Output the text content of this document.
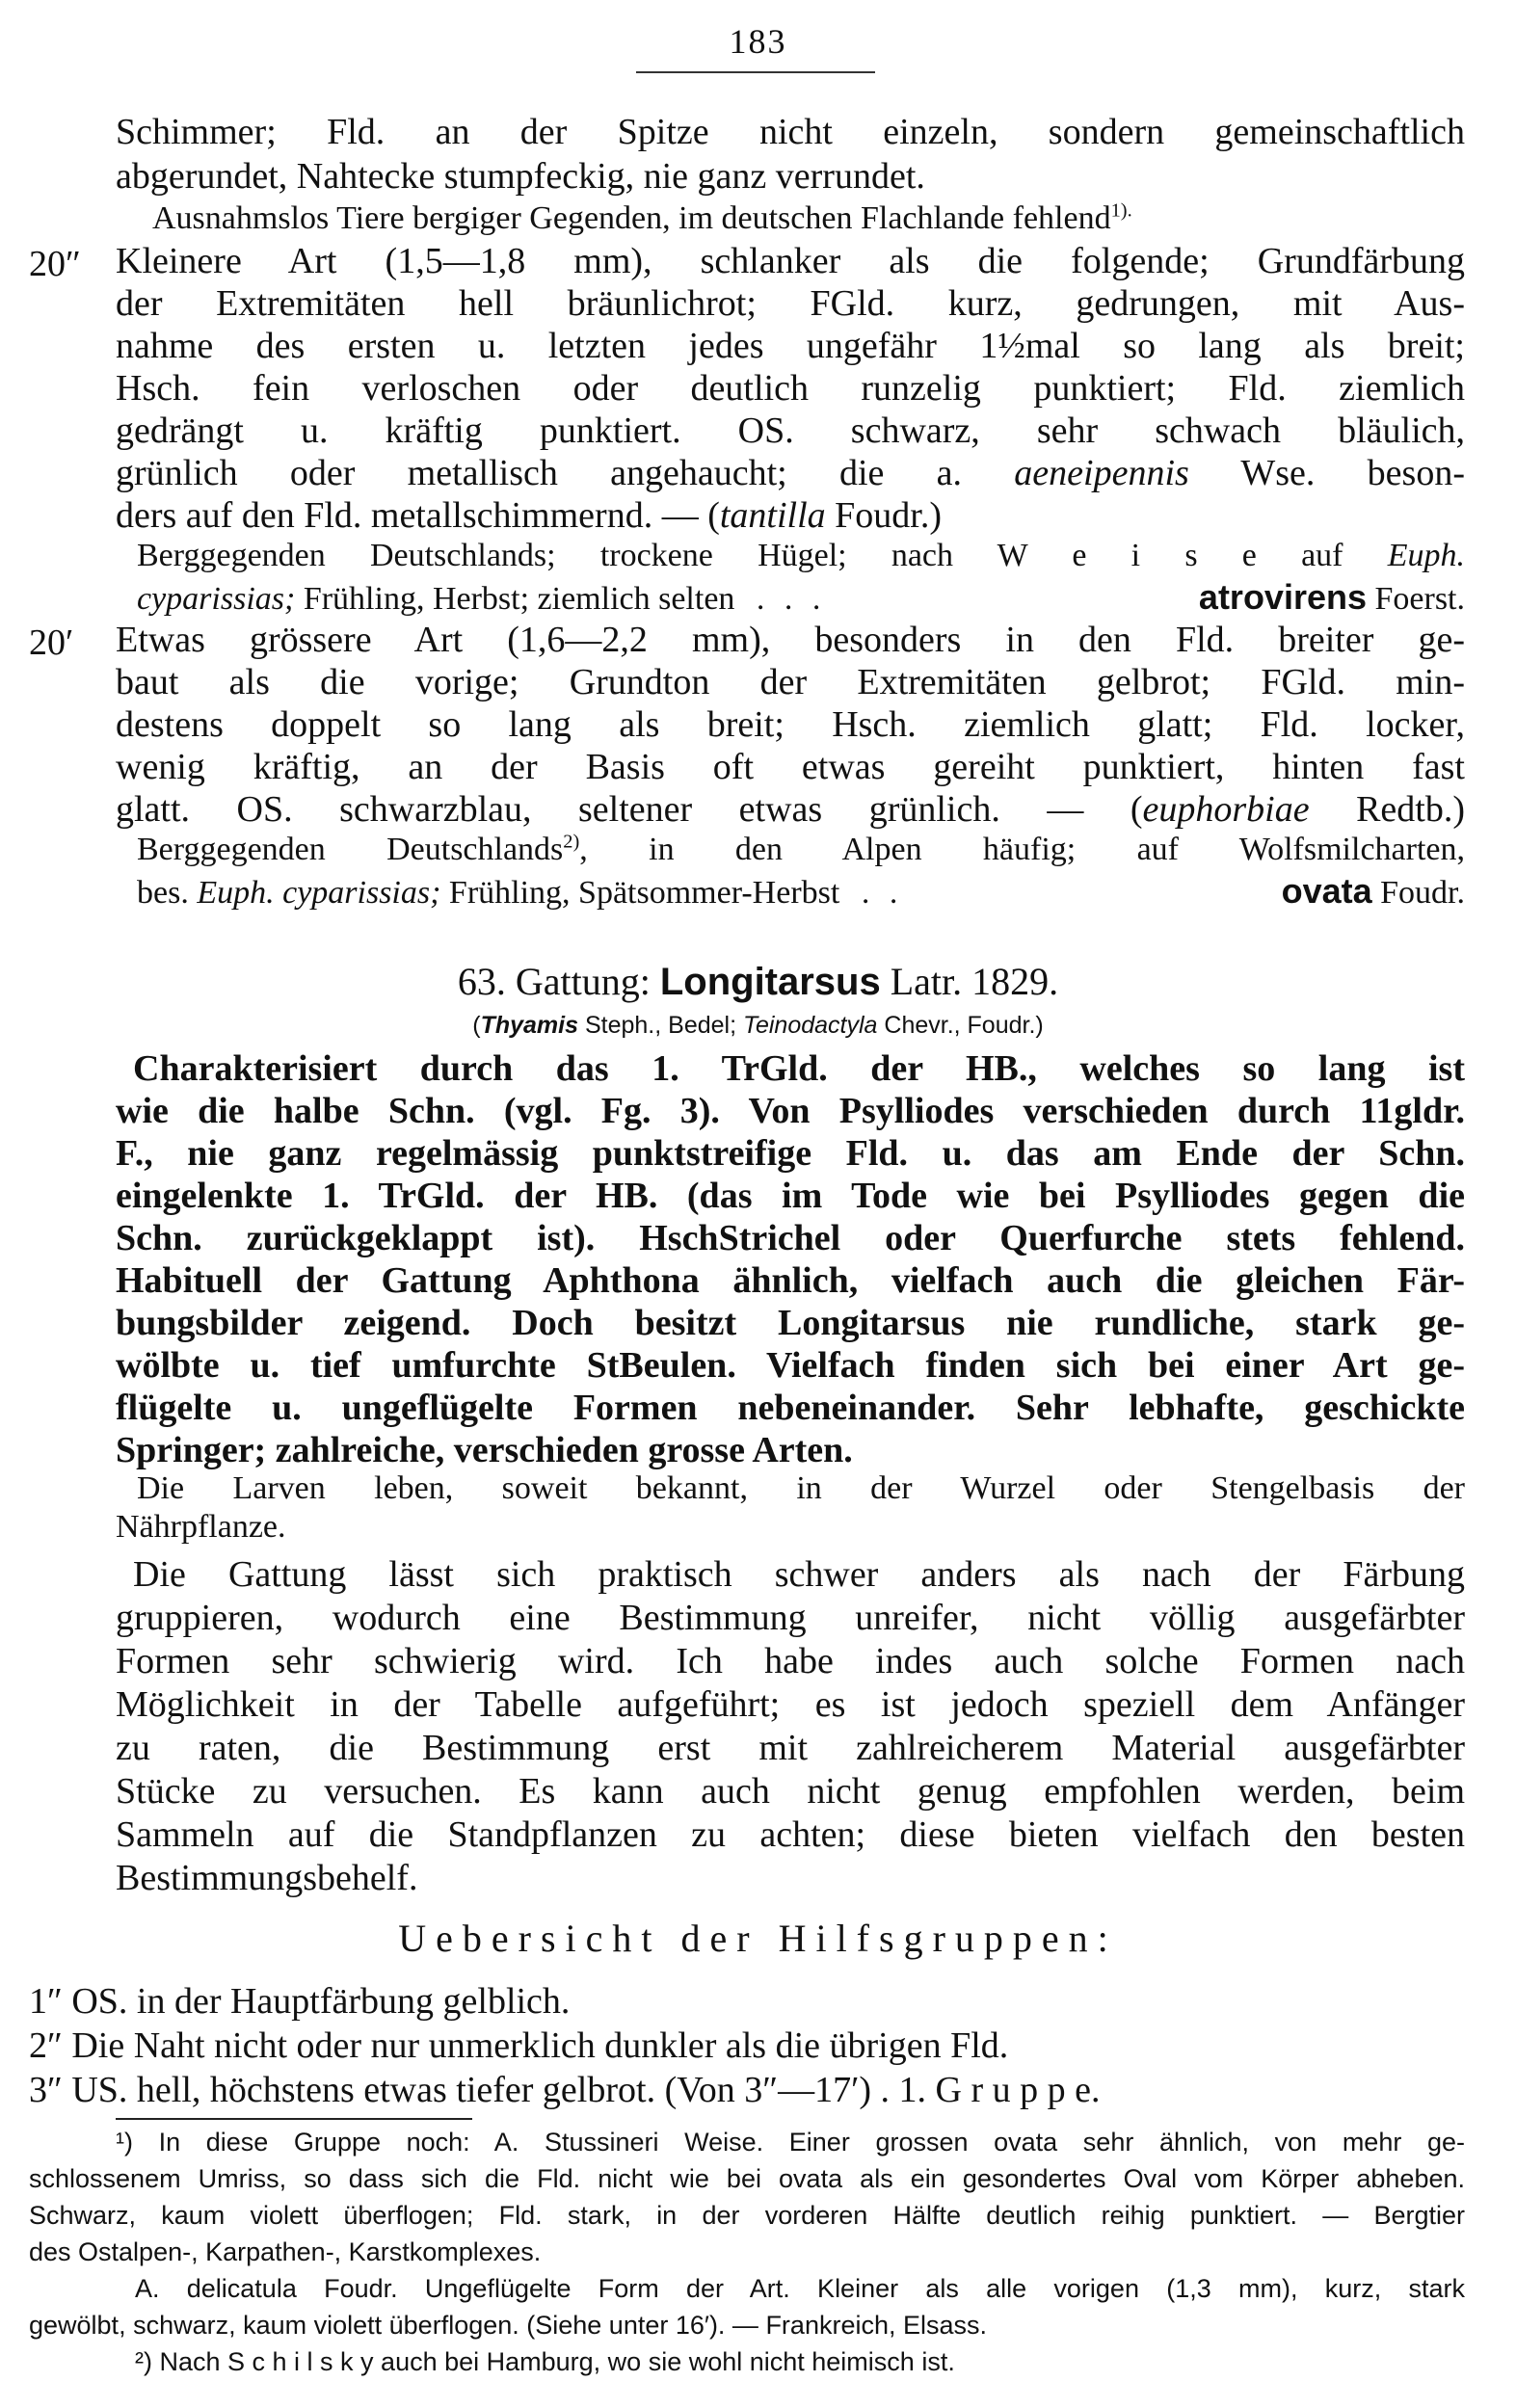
183
Schimmer; Fld. an der Spitze nicht einzeln, sondern gemeinschaftlich
abgerundet, Nahtecke stumpfeckig, nie ganz verrundet.
Ausnahmslos Tiere bergiger Gegenden, im deutschen Flachlande fehlend$^{1).}$
20″ Kleinere Art (1,5—1,8 mm), schlanker als die folgende; Grundfärbung
der Extremitäten hell bräunlichrot; FGld. kurz, gedrungen, mit Aus-
nahme des ersten u. letzten jedes ungefähr 1½mal so lang als breit;
Hsch. fein verloschen oder deutlich runzelig punktiert; Fld. ziemlich
gedrängt u. kräftig punktiert. OS. schwarz, sehr schwach bläulich,
grünlich oder metallisch angehaucht; die a. aeneipennis Wse. beson-
ders auf den Fld. metallschimmernd. — (tantilla Foudr.)
Berggegenden Deutschlands; trockene Hügel; nach W e i s e auf Euph.
cyparissias; Frühling, Herbst; ziemlich selten . . .	atrovirens Foerst.
20′ Etwas grössere Art (1,6—2,2 mm), besonders in den Fld. breiter ge-
baut als die vorige; Grundton der Extremitäten gelbrot; FGld. min-
destens doppelt so lang als breit; Hsch. ziemlich glatt; Fld. locker,
wenig kräftig, an der Basis oft etwas gereiht punktiert, hinten fast
glatt. OS. schwarzblau, seltener etwas grünlich. — (euphorbiae Redtb.)
Berggegenden Deutschlands$^{2)}$, in den Alpen häufig; auf Wolfsmilcharten,
bes. Euph. cyparissias; Frühling, Spätsommer-Herbst . .	ovata Foudr.
63. Gattung: Longitarsus Latr. 1829.
(Thyamis Steph., Bedel; Teinodactyla Chevr., Foudr.)
Charakterisiert durch das 1. TrGld. der HB., welches so lang ist
wie die halbe Schn. (vgl. Fg. 3). Von Psylliodes verschieden durch 11gldr.
F., nie ganz regelmässig punktstreifige Fld. u. das am Ende der Schn.
eingelenkte 1. TrGld. der HB. (das im Tode wie bei Psylliodes gegen die
Schn. zurückgeklappt ist). HschStrichel oder Querfurche stets fehlend.
Habituell der Gattung Aphthona ähnlich, vielfach auch die gleichen Fär-
bungsbilder zeigend. Doch besitzt Longitarsus nie rundliche, stark ge-
wölbte u. tief umfurchte StBeulen. Vielfach finden sich bei einer Art ge-
flügelte u. ungeflügelte Formen nebeneinander. Sehr lebhafte, geschickte
Springer; zahlreiche, verschieden grosse Arten.
Die Larven leben, soweit bekannt, in der Wurzel oder Stengelbasis der
Nährpflanze.
Die Gattung lässt sich praktisch schwer anders als nach der Färbung
gruppieren, wodurch eine Bestimmung unreifer, nicht völlig ausgefärbter
Formen sehr schwierig wird. Ich habe indes auch solche Formen nach
Möglichkeit in der Tabelle aufgeführt; es ist jedoch speziell dem Anfänger
zu raten, die Bestimmung erst mit zahlreicherem Material ausgefärbter
Stücke zu versuchen. Es kann auch nicht genug empfohlen werden, beim
Sammeln auf die Standpflanzen zu achten; diese bieten vielfach den besten
Bestimmungsbehelf.
Uebersicht der Hilfsgruppen:
1″ OS. in der Hauptfärbung gelblich.
2″ Die Naht nicht oder nur unmerklich dunkler als die übrigen Fld.
3″ US. hell, höchstens etwas tiefer gelbrot. (Von 3″—17′) . 1. G r u p p e.
¹) In diese Gruppe noch: A. Stussineri Weise. Einer grossen ovata sehr ähnlich, von mehr ge-
schlossenem Umriss, so dass sich die Fld. nicht wie bei ovata als ein gesondertes Oval vom Körper abheben.
Schwarz, kaum violett überflogen; Fld. stark, in der vorderen Hälfte deutlich reihig punktiert. — Bergtier
des Ostalpen-, Karpathen-, Karstkomplexes.
A. delicatula Foudr. Ungeflügelte Form der Art. Kleiner als alle vorigen (1,3 mm), kurz, stark
gewölbt, schwarz, kaum violett überflogen. (Siehe unter 16′). — Frankreich, Elsass.
²) Nach S c h i l s k y auch bei Hamburg, wo sie wohl nicht heimisch ist.
